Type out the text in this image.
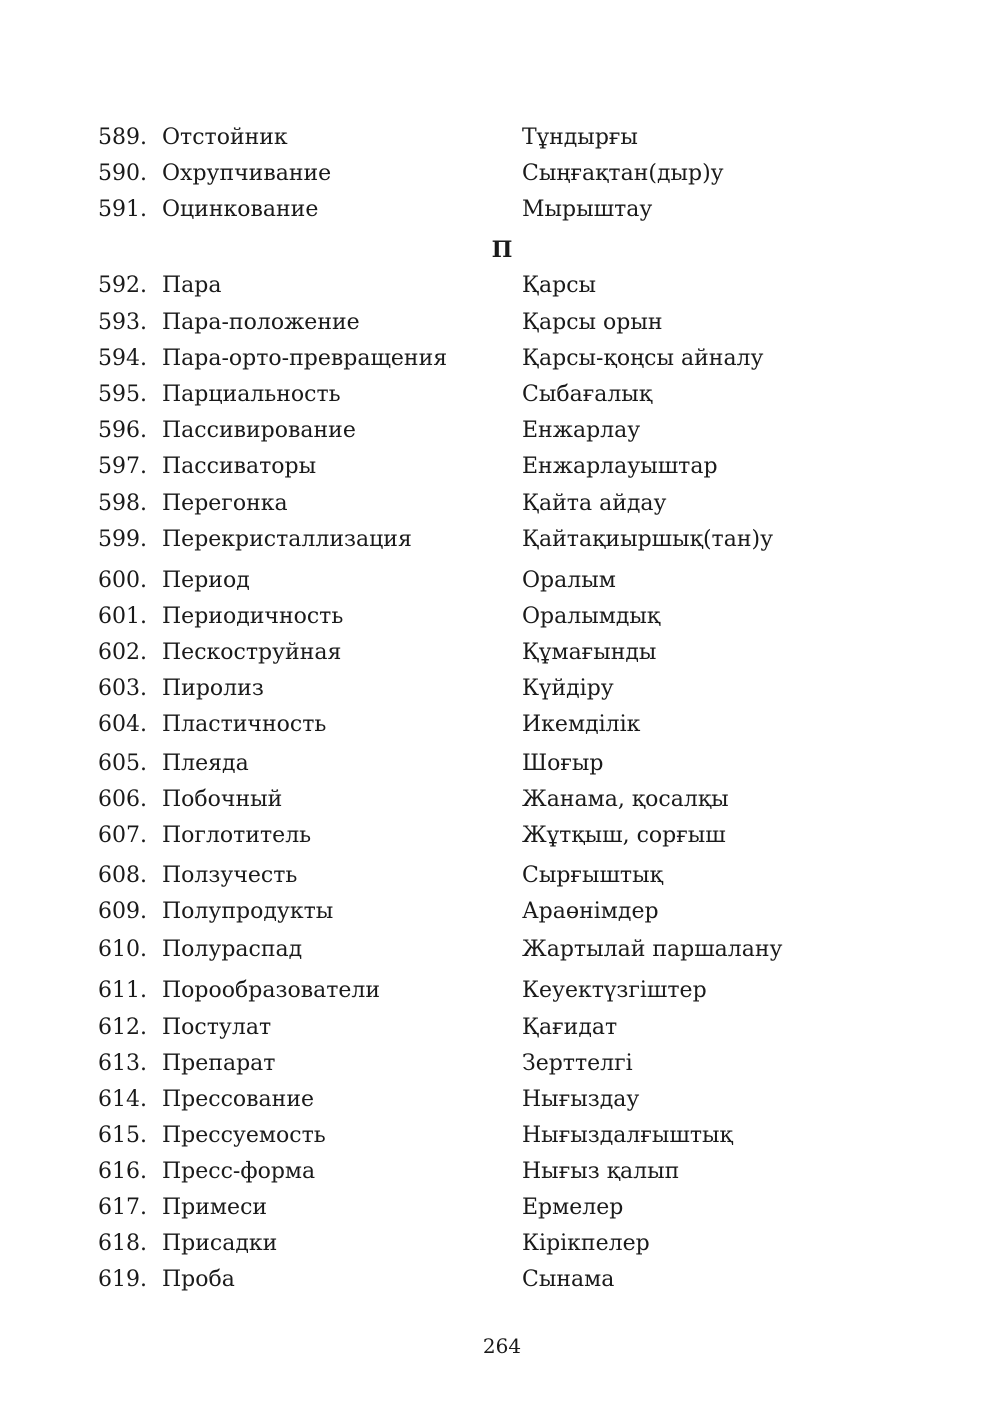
589. Отстойник	Тұндырғы
590. Охрупчивание	Сыңғақтан(дыр)у
591. Оцинкование	Мырыштау
П
592. Пара	Қарсы
593. Пара-положение	Қарсы орын
594. Пара-орто-превращения	Қарсы-қоңсы айналу
595. Парциальность	Сыбағалық
596. Пассивирование	Енжарлау
597. Пассиваторы	Енжарлауыштар
598. Перегонка	Қайта айдау
599. Перекристаллизация	Қайтақиыршық(тан)у
600. Период	Оралым
601. Периодичность	Оралымдық
602. Пескоструйная	Құмағынды
603. Пиролиз	Күйдіру
604. Пластичность	Икемділік
605. Плеяда	Шоғыр
606. Побочный	Жанама, қосалқы
607. Поглотитель	Жұтқыш, сорғыш
608. Ползучесть	Сырғыштық
609. Полупродукты	Араөнімдер
610. Полураспад	Жартылай паршалану
611. Порообразователи	Кеуектүзгіштер
612. Постулат	Қағидат
613. Препарат	Зерттелгі
614. Прессование	Нығыздау
615. Прессуемость	Нығыздалғыштық
616. Пресс-форма	Нығыз қалып
617. Примеси	Ермелер
618. Присадки	Кірікпелер
619. Проба	Сынама
264
